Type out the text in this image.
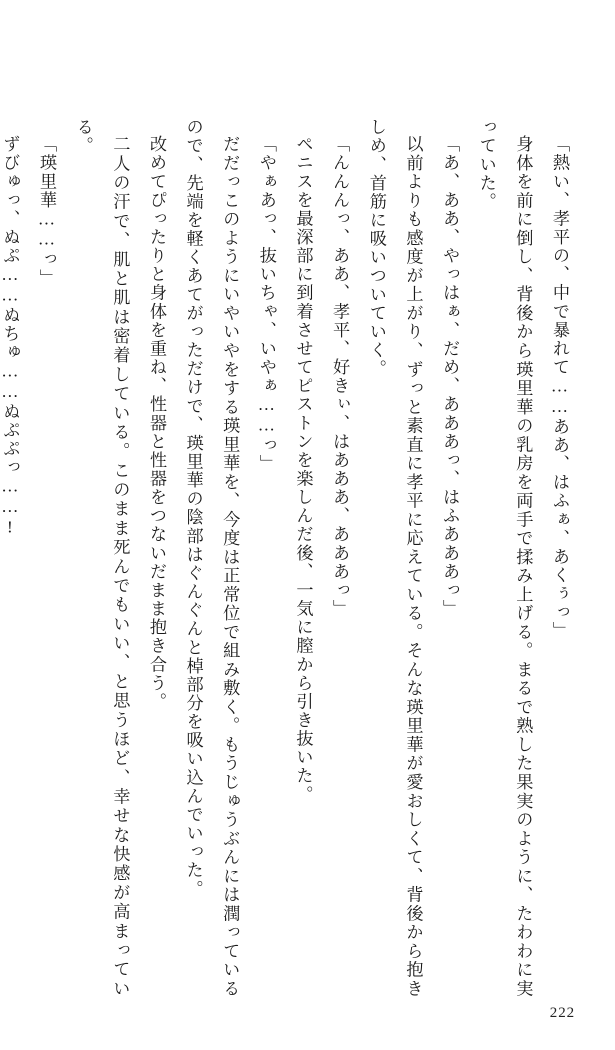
「熱い、孝平の、中で暴れて……ああ、はふぁ、あくぅっ」

身体を前に倒し、背後から瑛里華の乳房を両手で揉み上げる。まるで熟した果実のように、たわわに実っていた。

「あ、ああ、やっはぁ、だめ、あああっ、はふあああっ」

以前よりも感度が上がり、ずっと素直に孝平に応えている。そんな瑛里華が愛おしくて、背後から抱きしめ、首筋に吸いついていく。

「んんんっ、ああ、孝平、好きぃ、はあああ、あああっ」

ペニスを最深部に到着させてピストンを楽しんだ後、一気に膣から引き抜いた。

「やぁあっ、抜いちゃ、いやぁ……っ」

だだっこのようにいやいやをする瑛里華を、今度は正常位で組み敷く。もうじゅうぶんには潤っているので、先端を軽くあてがっただけで、瑛里華の陰部はぐんぐんと棹部分を吸い込んでいった。

改めてぴったりと身体を重ね、性器と性器をつないだまま抱き合う。

二人の汗で、肌と肌は密着している。このまま死んでもいい、と思うほど、幸せな快感が高まっている。

「瑛里華……っ」

ずびゅっ、ぬぷ……ぬちゅ……ぬぷぷっ……!

222
